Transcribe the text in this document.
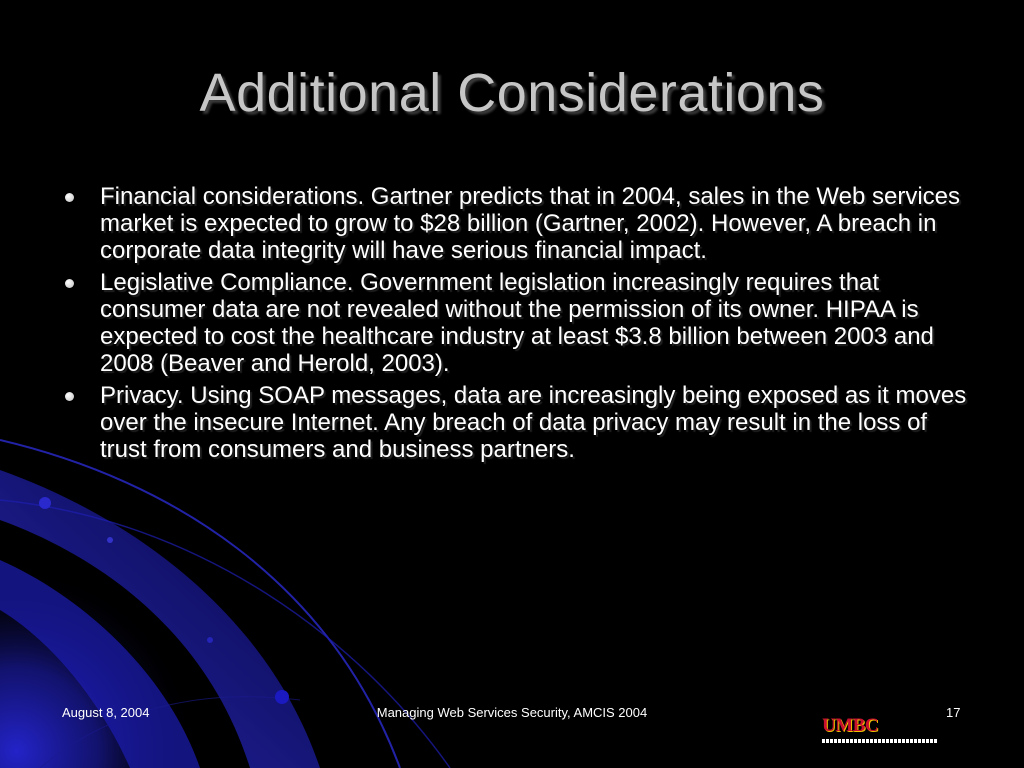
Additional Considerations
Financial considerations. Gartner predicts that in 2004, sales in the Web services market is expected to grow to $28 billion (Gartner, 2002). However, A breach in corporate data integrity will have serious financial impact.
Legislative Compliance. Government legislation increasingly requires that consumer data are not revealed without the permission of its owner. HIPAA is expected to cost the healthcare industry at least $3.8 billion between 2003 and 2008 (Beaver and Herold, 2003).
Privacy. Using SOAP messages, data are increasingly being exposed as it moves over the insecure Internet. Any breach of data privacy may result in the loss of trust from consumers and business partners.
August 8, 2004	Managing Web Services Security, AMCIS 2004	17
UMBC
